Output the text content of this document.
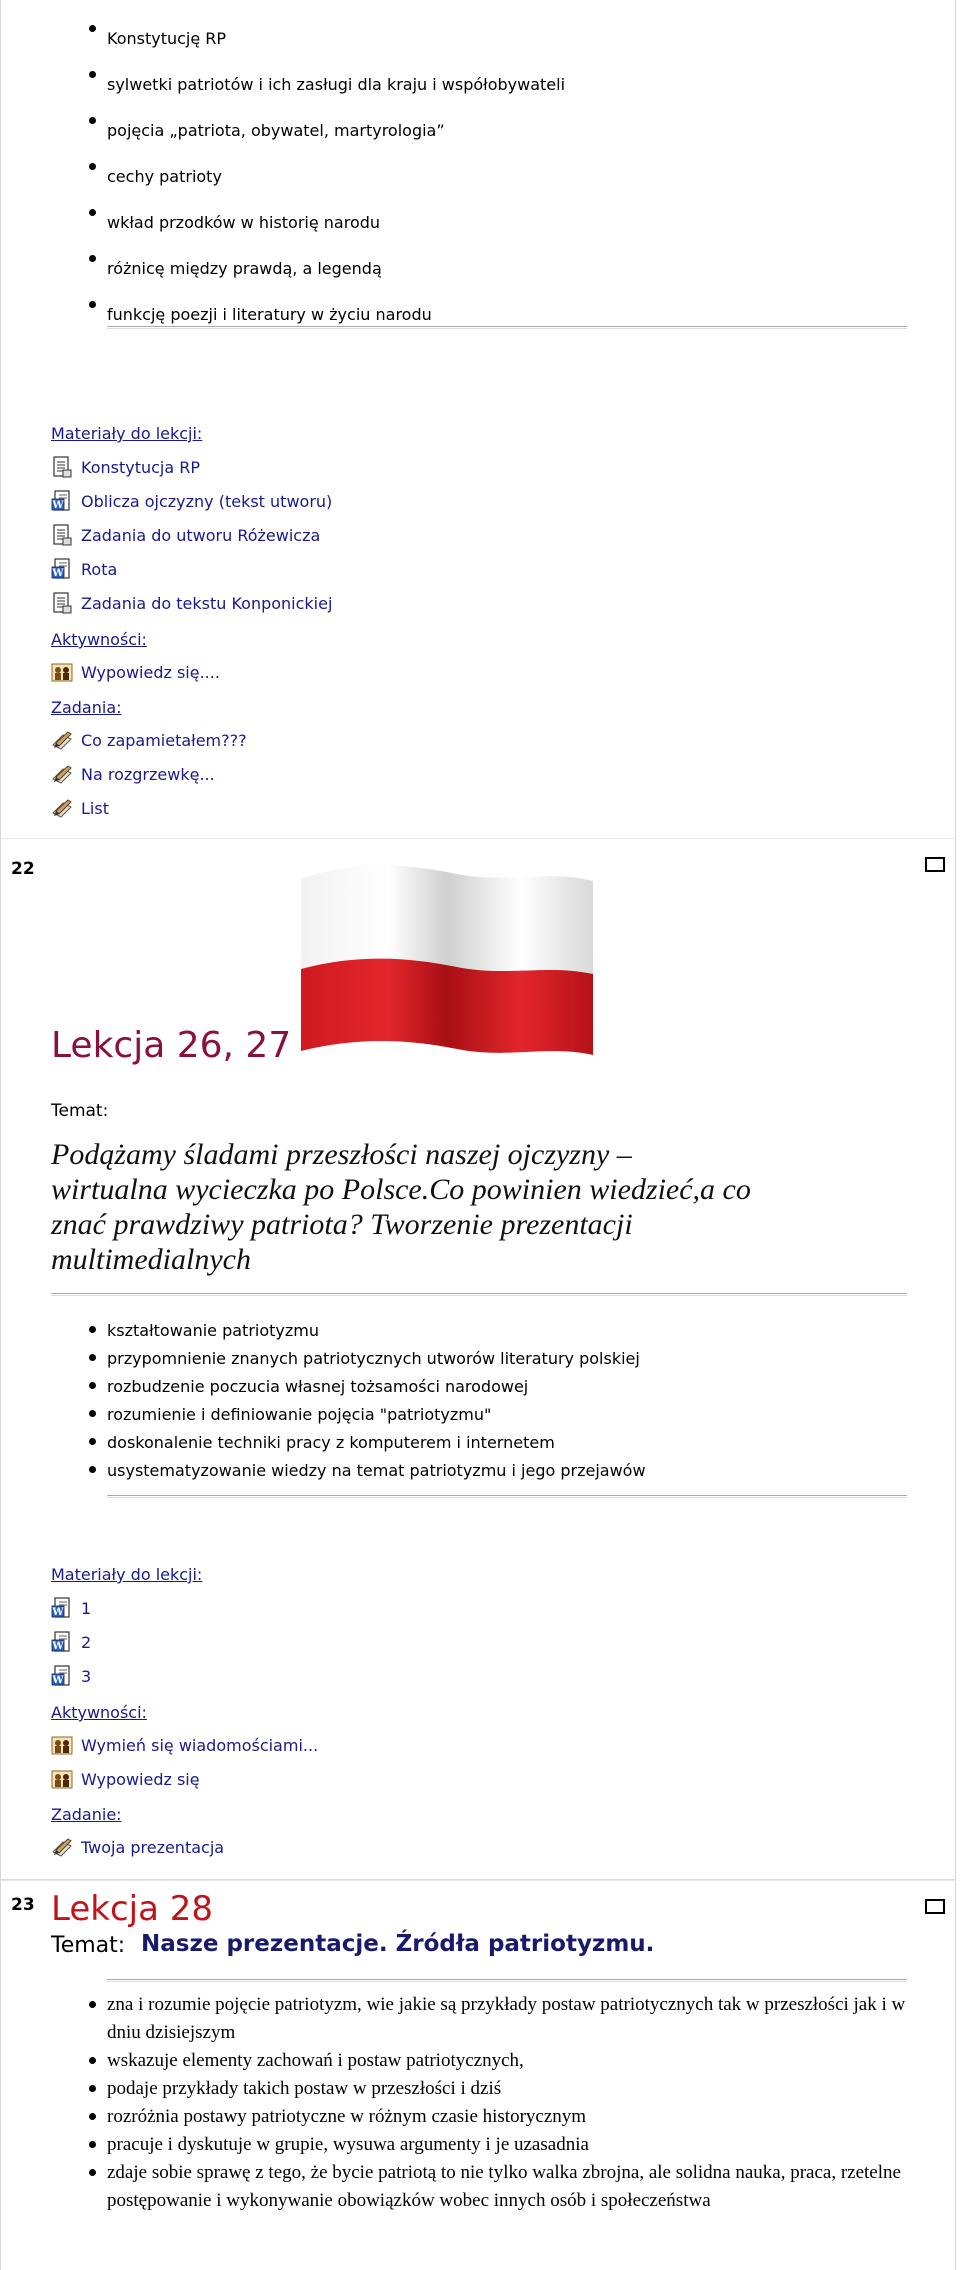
Konstytucję RP
sylwetki patriotów i ich zasługi dla kraju i współobywateli
pojęcia „patriota, obywatel, martyrologia”
cechy patrioty
wkład przodków w historię narodu
różnicę między prawdą, a legendą
funkcję poezji i literatury w życiu narodu
Materiały do lekcji:
Konstytucja RP
Oblicza ojczyzny (tekst utworu)
Zadania do utworu Różewicza
Rota
Zadania do tekstu Konponickiej
Aktywności:
Wypowiedz się....
Zadania:
Co zapamietałem???
Na rozgrzewkę...
List
22
Lekcja 26, 27
Temat:
Podążamy śladami przeszłości naszej ojczyzny –
wirtualna wycieczka po Polsce.Co powinien wiedzieć,a co
znać prawdziwy patriota? Tworzenie prezentacji
multimedialnych
kształtowanie patriotyzmu
przypomnienie znanych patriotycznych utworów literatury polskiej
rozbudzenie poczucia własnej tożsamości narodowej
rozumienie i definiowanie pojęcia "patriotyzmu"
doskonalenie techniki pracy z komputerem i internetem
usystematyzowanie wiedzy na temat patriotyzmu i jego przejawów
Materiały do lekcji:
1
2
3
Aktywności:
Wymień się wiadomościami...
Wypowiedz się
Zadanie:
Twoja prezentacja
23 Lekcja 28
Temat: Nasze prezentacje. Źródła patriotyzmu.
zna i rozumie pojęcie patriotyzm, wie jakie są przykłady postaw patriotycznych tak w przeszłości jak i w dniu dzisiejszym
wskazuje elementy zachowań i postaw patriotycznych,
podaje przykłady takich postaw w przeszłości i dziś
rozróżnia postawy patriotyczne w różnym czasie historycznym
pracuje i dyskutuje w grupie, wysuwa argumenty i je uzasadnia
zdaje sobie sprawę z tego, że bycie patriotą to nie tylko walka zbrojna, ale solidna nauka, praca, rzetelne postępowanie i wykonywanie obowiązków wobec innych osób i społeczeństwa
